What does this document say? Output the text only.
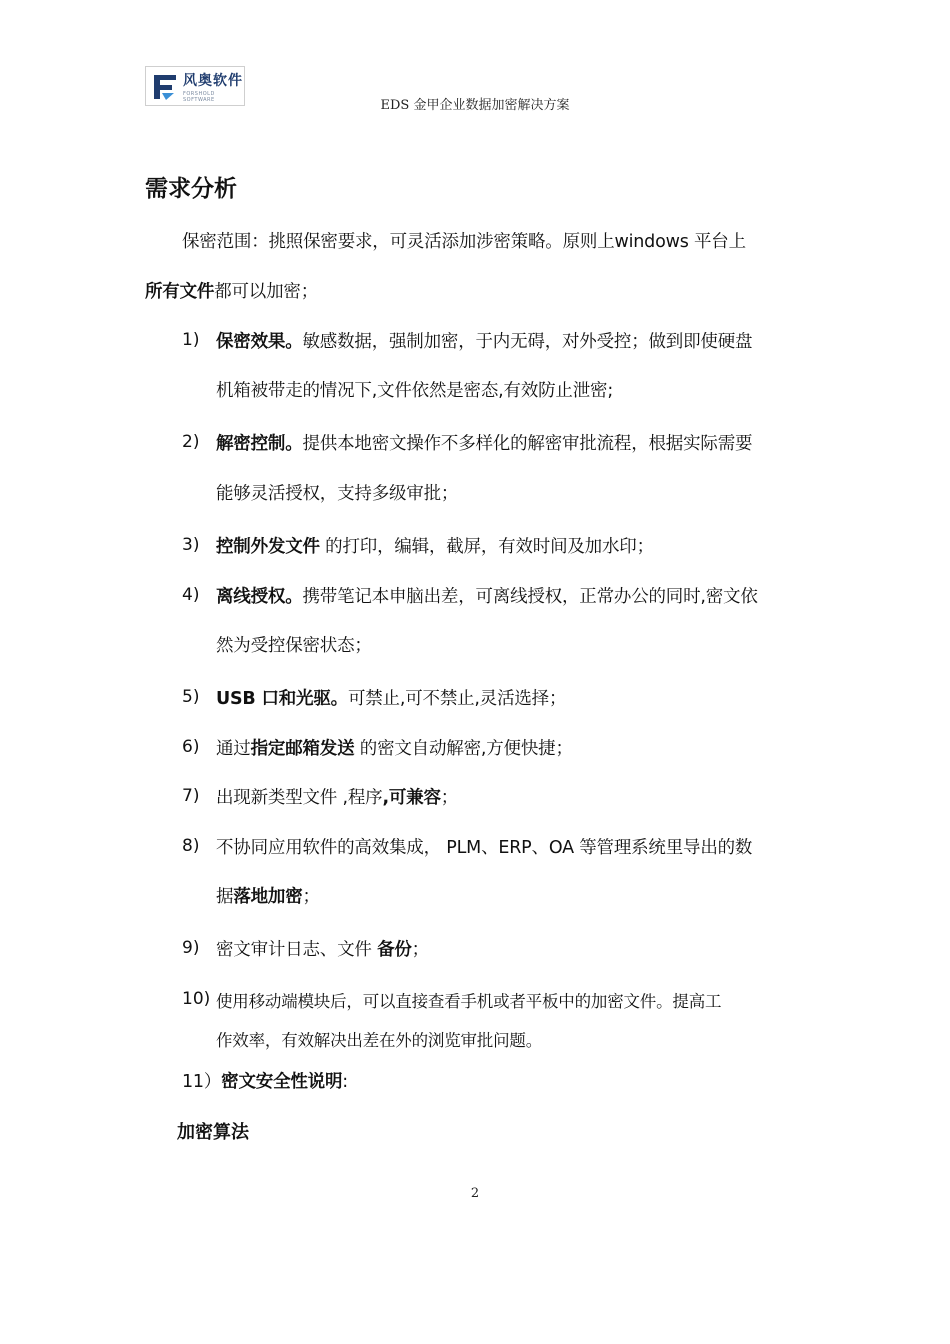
风奥软件
FORSHOLD SOFTWARE	EDS 金甲企业数据加密解决方案
需求分析
保密范围：挑照保密要求，可灵活添加涉密策略。原则上windows 平台上
所有文件都可以加密；
1) 保密效果。敏感数据，强制加密，于内无碍，对外受控；做到即使硬盘
机箱被带走的情况下,文件依然是密态,有效防止泄密;
2) 解密控制。提供本地密文操作不多样化的解密审批流程，根据实际需要
能够灵活授权，支持多级审批；
3) 控制外发文件 的打印，编辑，截屏，有效时间及加水印；
4) 离线授权。携带笔记本申脑出差，可离线授权，正常办公的同时,密文依
然为受控保密状态；
5) USB 口和光驱。可禁止,可不禁止,灵活选择；
6) 通过指定邮箱发送 的密文自动解密,方便快捷；
7) 出现新类型文件 ,程序,可兼容；
8) 不协同应用软件的高效集成， PLM、ERP、OA 等管理系统里导出的数
据落地加密；
9) 密文审计日志、文件 备份；
10) 使用移动端模块后，可以直接查看手机或者平板中的加密文件。提高工
作效率，有效解决出差在外的浏览审批问题。
11）密文安全性说明:
加密算法
2
